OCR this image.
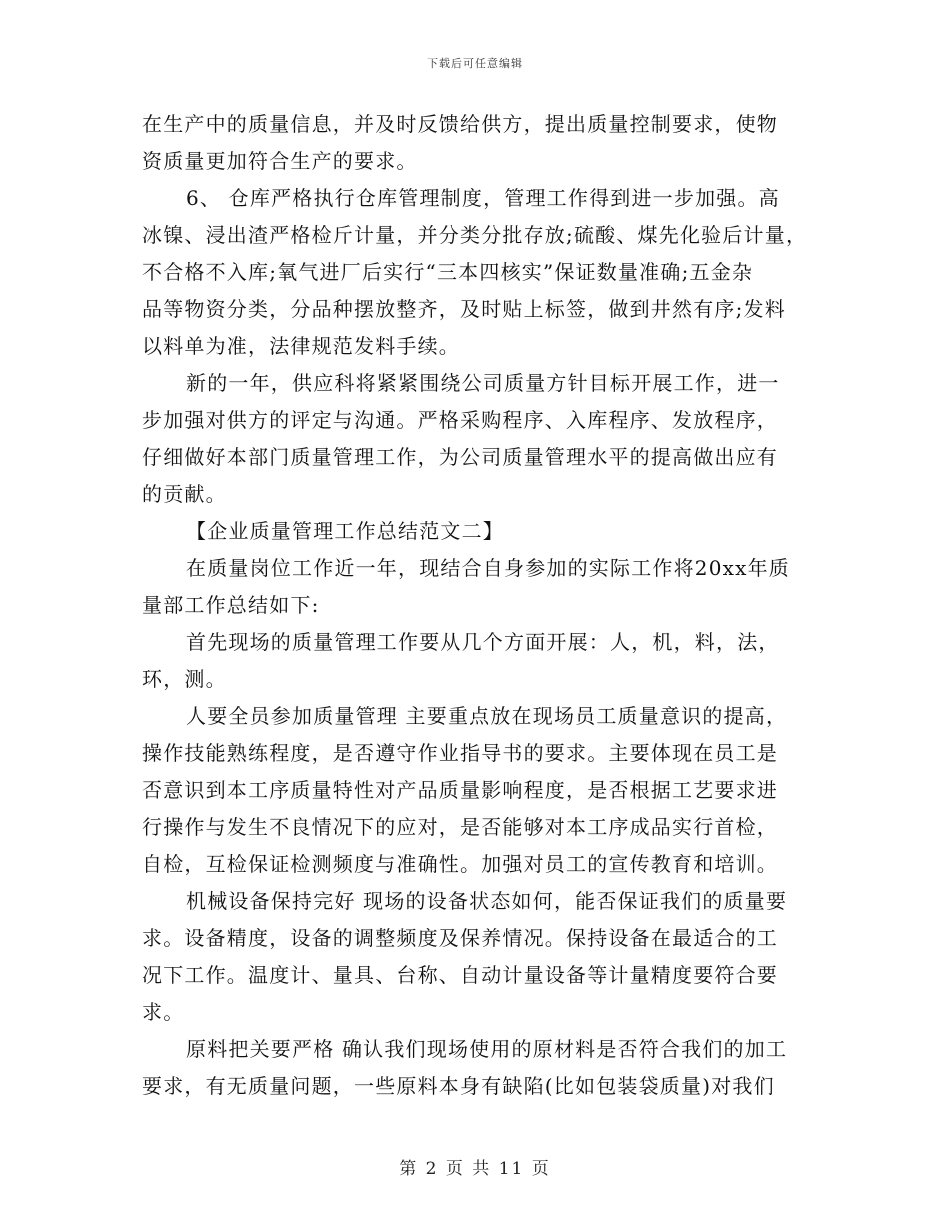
下载后可任意编辑
在生产中的质量信息，并及时反馈给供方，提出质量控制要求，使物
资质量更加符合生产的要求。
6、 仓库严格执行仓库管理制度，管理工作得到进一步加强。高
冰镍、浸出渣严格检斤计量，并分类分批存放;硫酸、煤先化验后计量，
不合格不入库;氧气进厂后实行“三本四核实”保证数量准确;五金杂
品等物资分类，分品种摆放整齐，及时贴上标签，做到井然有序;发料
以料单为准，法律规范发料手续。
新的一年，供应科将紧紧围绕公司质量方针目标开展工作，进一
步加强对供方的评定与沟通。严格采购程序、入库程序、发放程序，
仔细做好本部门质量管理工作，为公司质量管理水平的提高做出应有
的贡献。
【企业质量管理工作总结范文二】
在质量岗位工作近一年，现结合自身参加的实际工作将20xx年质
量部工作总结如下:
首先现场的质量管理工作要从几个方面开展：人，机，料，法，
环，测。
人要全员参加质量管理 主要重点放在现场员工质量意识的提高，
操作技能熟练程度，是否遵守作业指导书的要求。主要体现在员工是
否意识到本工序质量特性对产品质量影响程度，是否根据工艺要求进
行操作与发生不良情况下的应对，是否能够对本工序成品实行首检，
自检，互检保证检测频度与准确性。加强对员工的宣传教育和培训。
机械设备保持完好 现场的设备状态如何，能否保证我们的质量要
求。设备精度，设备的调整频度及保养情况。保持设备在最适合的工
况下工作。温度计、量具、台称、自动计量设备等计量精度要符合要
求。
原料把关要严格 确认我们现场使用的原材料是否符合我们的加工
要求，有无质量问题，一些原料本身有缺陷(比如包装袋质量)对我们
第 2 页 共 11 页
